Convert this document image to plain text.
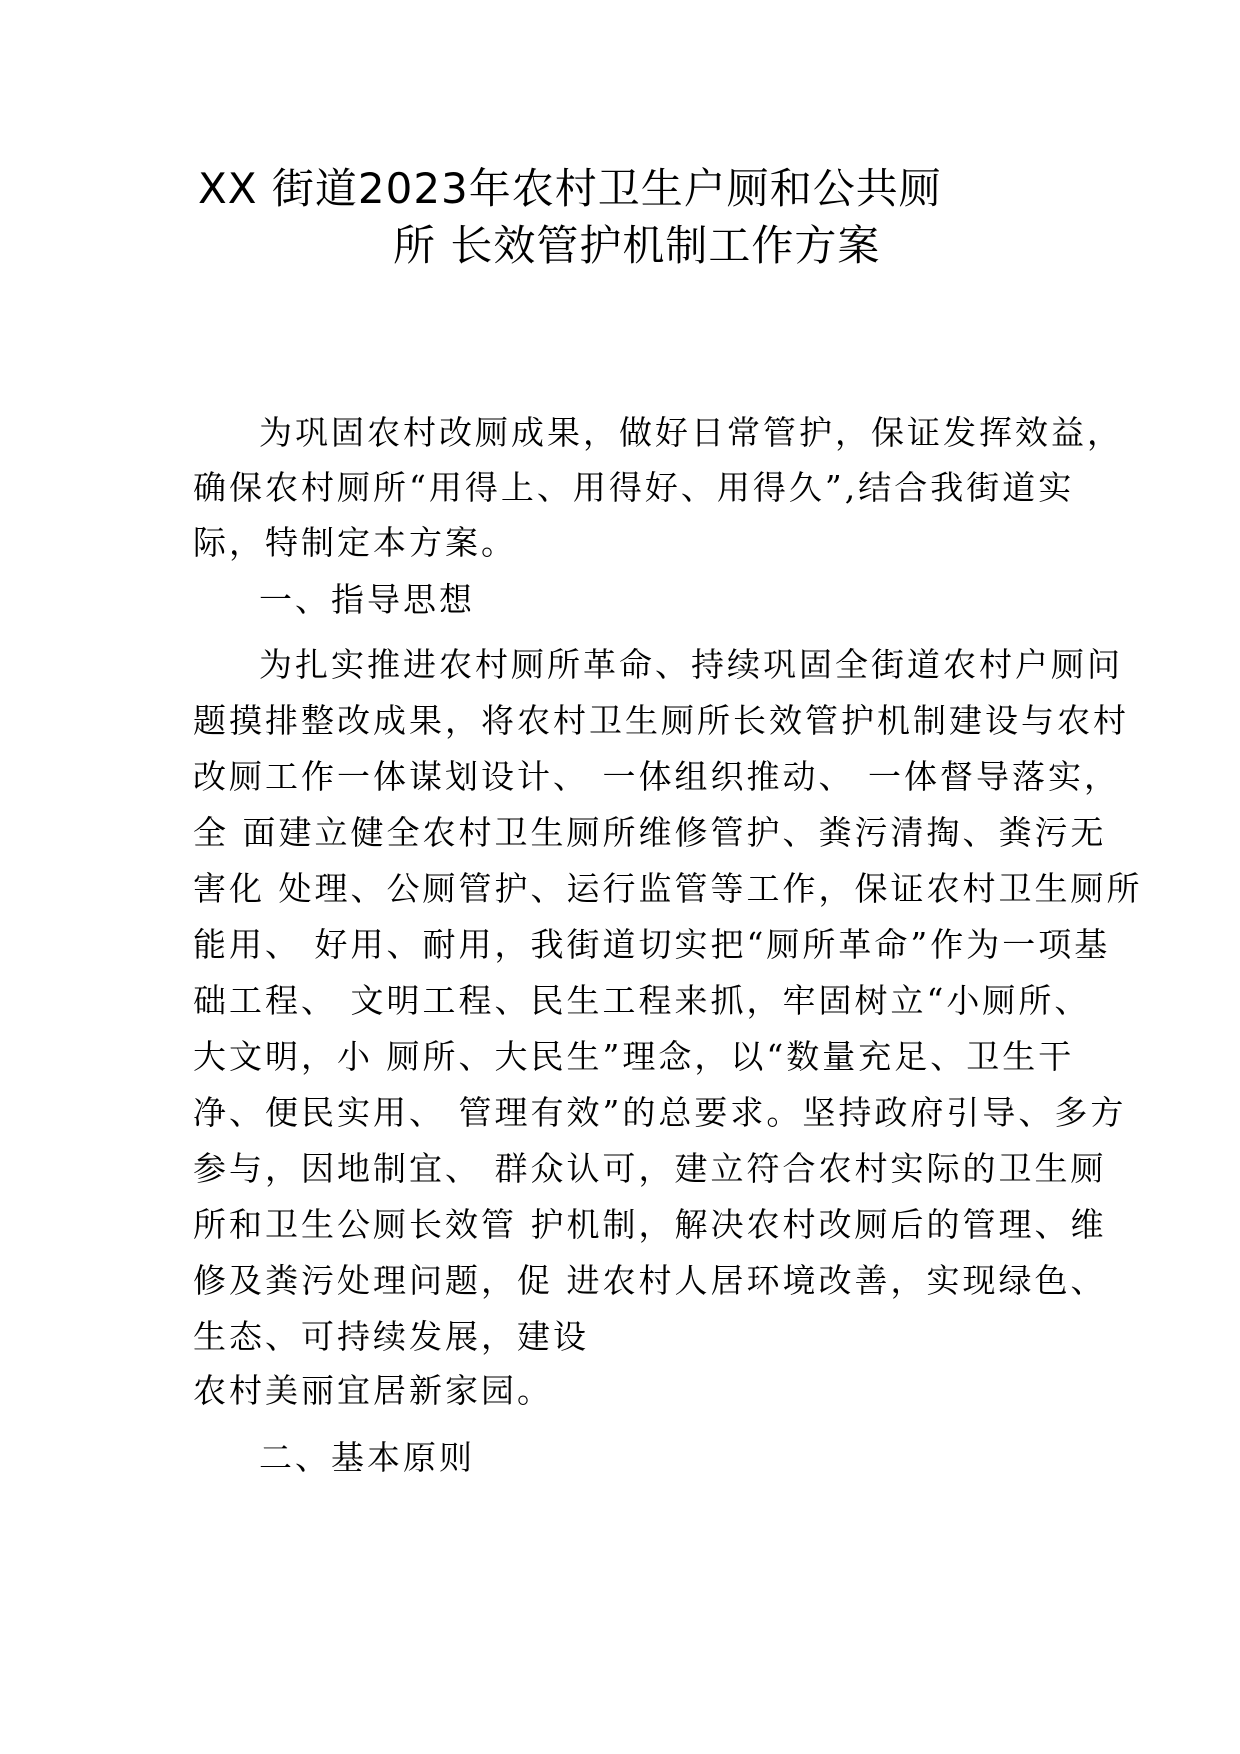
XX 街道2023年农村卫生户厕和公共厕
所 长效管护机制工作方案
为巩固农村改厕成果，做好日常管护，保证发挥效益，
确保农村厕所“用得上、用得好、用得久”,结合我街道实
际，特制定本方案。
一、指导思想
为扎实推进农村厕所革命、持续巩固全街道农村户厕问
题摸排整改成果，将农村卫生厕所长效管护机制建设与农村
改厕工作一体谋划设计、 一体组织推动、 一体督导落实，
全 面建立健全农村卫生厕所维修管护、粪污清掏、粪污无
害化 处理、公厕管护、运行监管等工作，保证农村卫生厕所
能用、 好用、耐用，我街道切实把“厕所革命”作为一项基
础工程、 文明工程、民生工程来抓，牢固树立“小厕所、
大文明，小 厕所、大民生”理念，以“数量充足、卫生干
净、便民实用、 管理有效”的总要求。坚持政府引导、多方
参与，因地制宜、 群众认可，建立符合农村实际的卫生厕
所和卫生公厕长效管 护机制，解决农村改厕后的管理、维
修及粪污处理问题，促 进农村人居环境改善，实现绿色、
生态、可持续发展，建设
农村美丽宜居新家园。
二、基本原则
